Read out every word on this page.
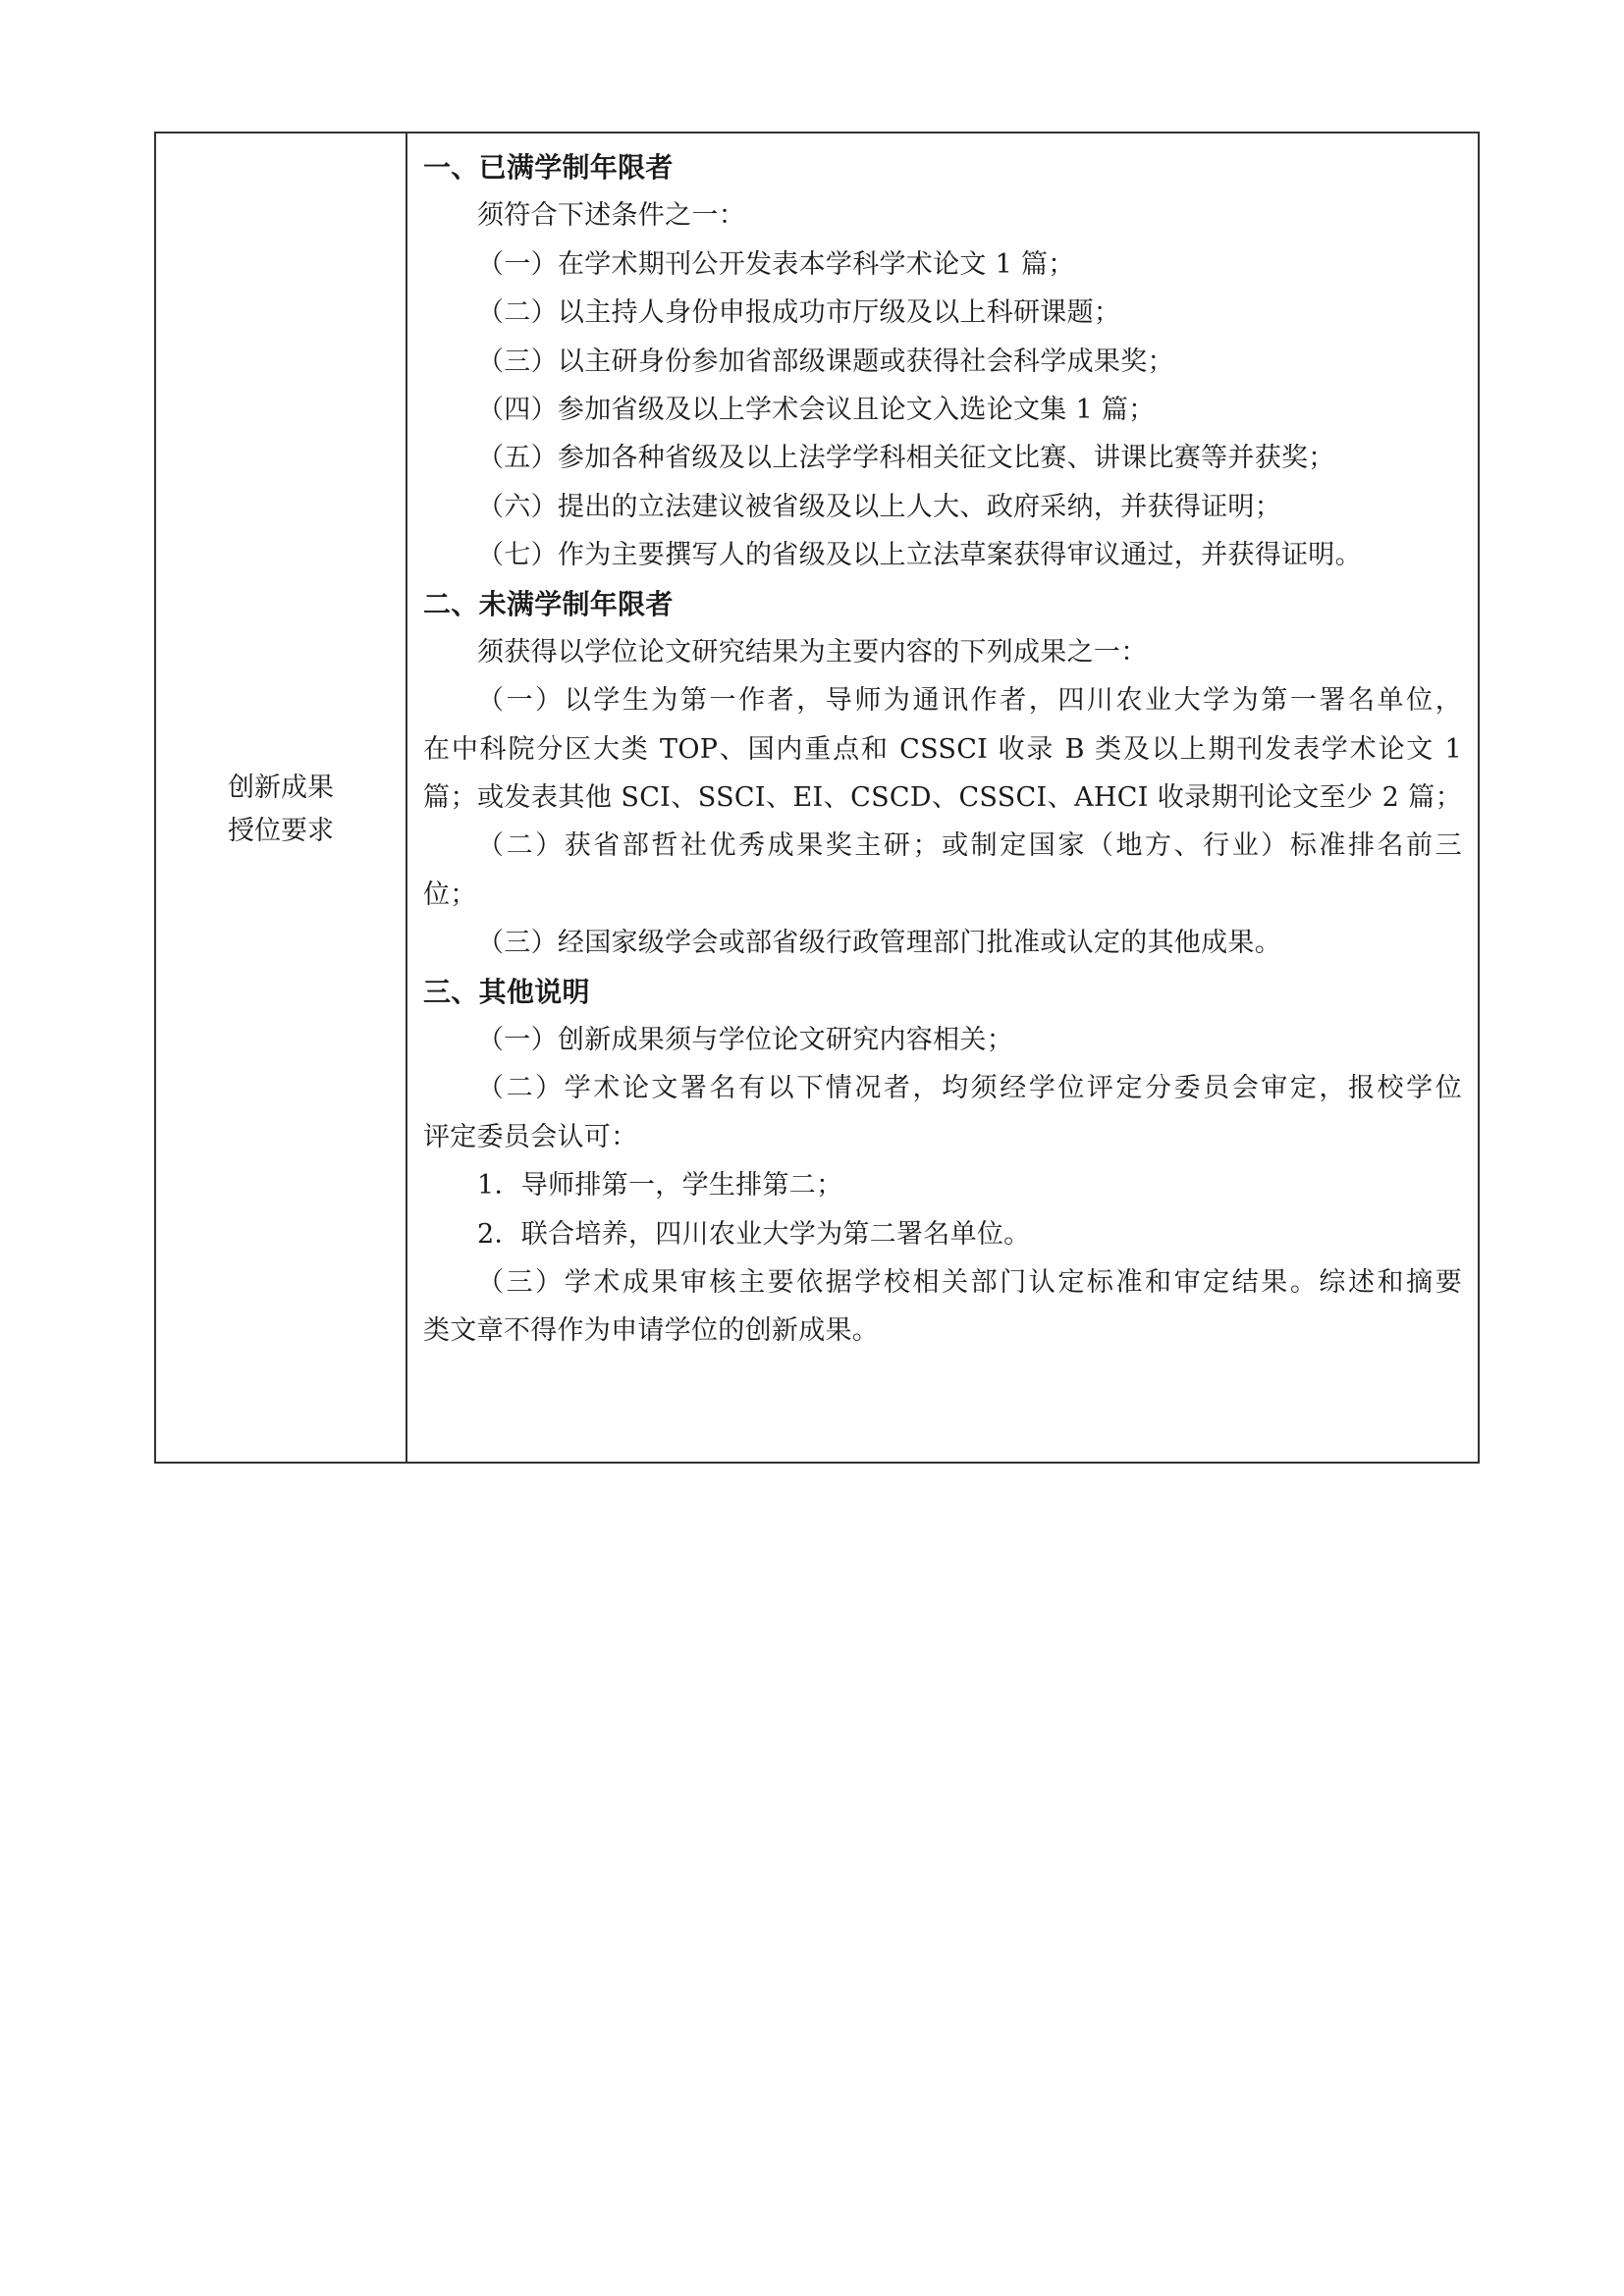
创新成果
授位要求
一、已满学制年限者
须符合下述条件之一：
（一）在学术期刊公开发表本学科学术论文 1 篇；
（二）以主持人身份申报成功市厅级及以上科研课题；
（三）以主研身份参加省部级课题或获得社会科学成果奖；
（四）参加省级及以上学术会议且论文入选论文集 1 篇；
（五）参加各种省级及以上法学学科相关征文比赛、讲课比赛等并获奖；
（六）提出的立法建议被省级及以上人大、政府采纳，并获得证明；
（七）作为主要撰写人的省级及以上立法草案获得审议通过，并获得证明。
二、未满学制年限者
须获得以学位论文研究结果为主要内容的下列成果之一：
（一）以学生为第一作者，导师为通讯作者，四川农业大学为第一署名单位，
在中科院分区大类 TOP、国内重点和 CSSCI 收录 B 类及以上期刊发表学术论文 1
篇；或发表其他 SCI、SSCI、EI、CSCD、CSSCI、AHCI 收录期刊论文至少 2 篇；
（二）获省部哲社优秀成果奖主研；或制定国家（地方、行业）标准排名前三
位；
（三）经国家级学会或部省级行政管理部门批准或认定的其他成果。
三、其他说明
（一）创新成果须与学位论文研究内容相关；
（二）学术论文署名有以下情况者，均须经学位评定分委员会审定，报校学位
评定委员会认可：
1．导师排第一，学生排第二；
2．联合培养，四川农业大学为第二署名单位。
（三）学术成果审核主要依据学校相关部门认定标准和审定结果。综述和摘要
类文章不得作为申请学位的创新成果。
